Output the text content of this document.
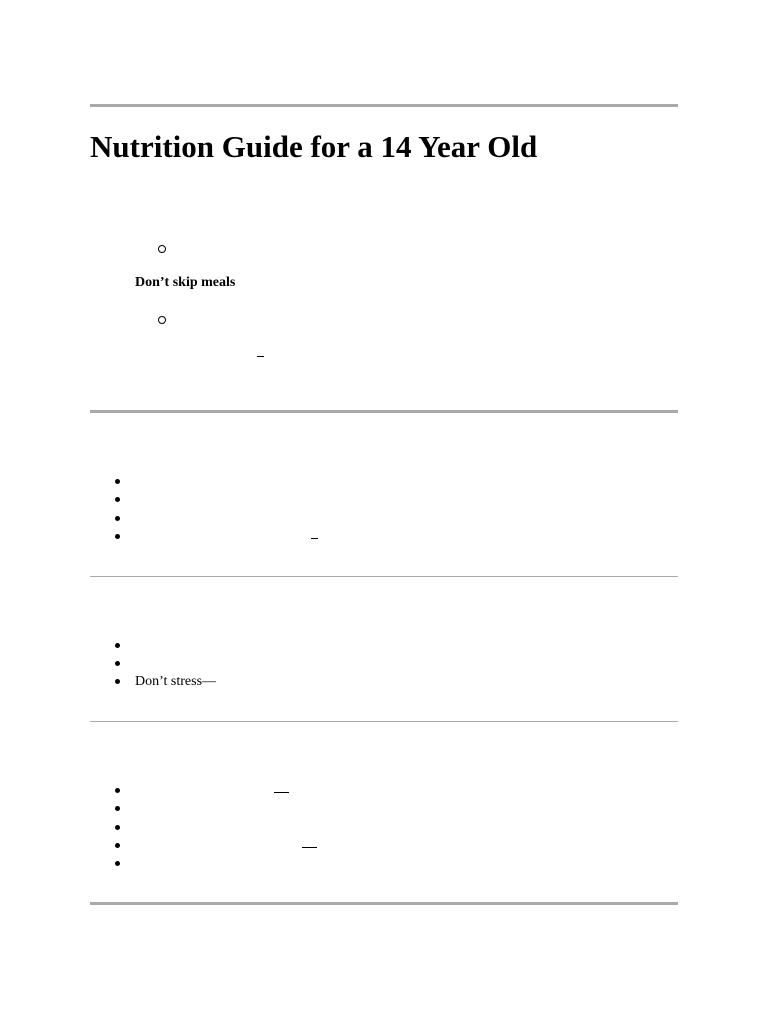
Nutrition Guide for a 14 Year Old
Don’t skip meals
Don’t stress—
